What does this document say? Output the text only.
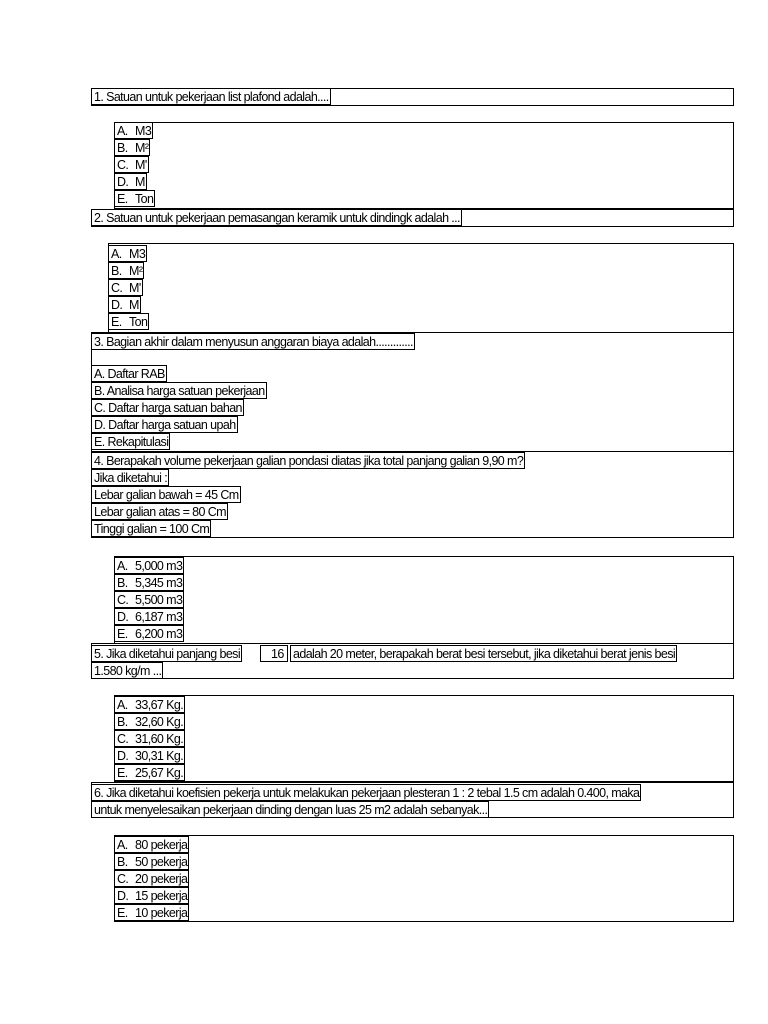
1. Satuan untuk pekerjaan list plafond adalah....
A. M3
B. M²
C. M'
D. M
E. Ton
2. Satuan untuk pekerjaan pemasangan keramik untuk dindingk adalah ...
A. M3
B. M²
C. M'
D. M
E. Ton
3. Bagian akhir dalam menyusun anggaran biaya adalah.............
A. Daftar RAB
B. Analisa harga satuan pekerjaan
C. Daftar harga satuan bahan
D. Daftar harga satuan upah
E. Rekapitulasi
4. Berapakah volume pekerjaan galian pondasi diatas jika total panjang galian 9,90 m?
Jika diketahui :
Lebar galian bawah = 45 Cm
Lebar galian atas = 80 Cm
Tinggi galian = 100 Cm
A. 5,000 m3
B. 5,345 m3
C. 5,500 m3
D. 6,187 m3
E. 6,200 m3
5. Jika diketahui panjang besi	16 adalah 20 meter, berapakah berat besi tersebut, jika diketahui berat jenis besi
1.580 kg/m ...
A. 33,67 Kg.
B. 32,60 Kg.
C. 31,60 Kg.
D. 30,31 Kg.
E. 25,67 Kg.
6. Jika diketahui koefisien pekerja untuk melakukan pekerjaan plesteran 1 : 2 tebal 1.5 cm adalah 0.400, maka
untuk menyelesaikan pekerjaan dinding dengan luas 25 m2 adalah sebanyak...
A. 80 pekerja
B. 50 pekerja
C. 20 pekerja
D. 15 pekerja
E. 10 pekerja
